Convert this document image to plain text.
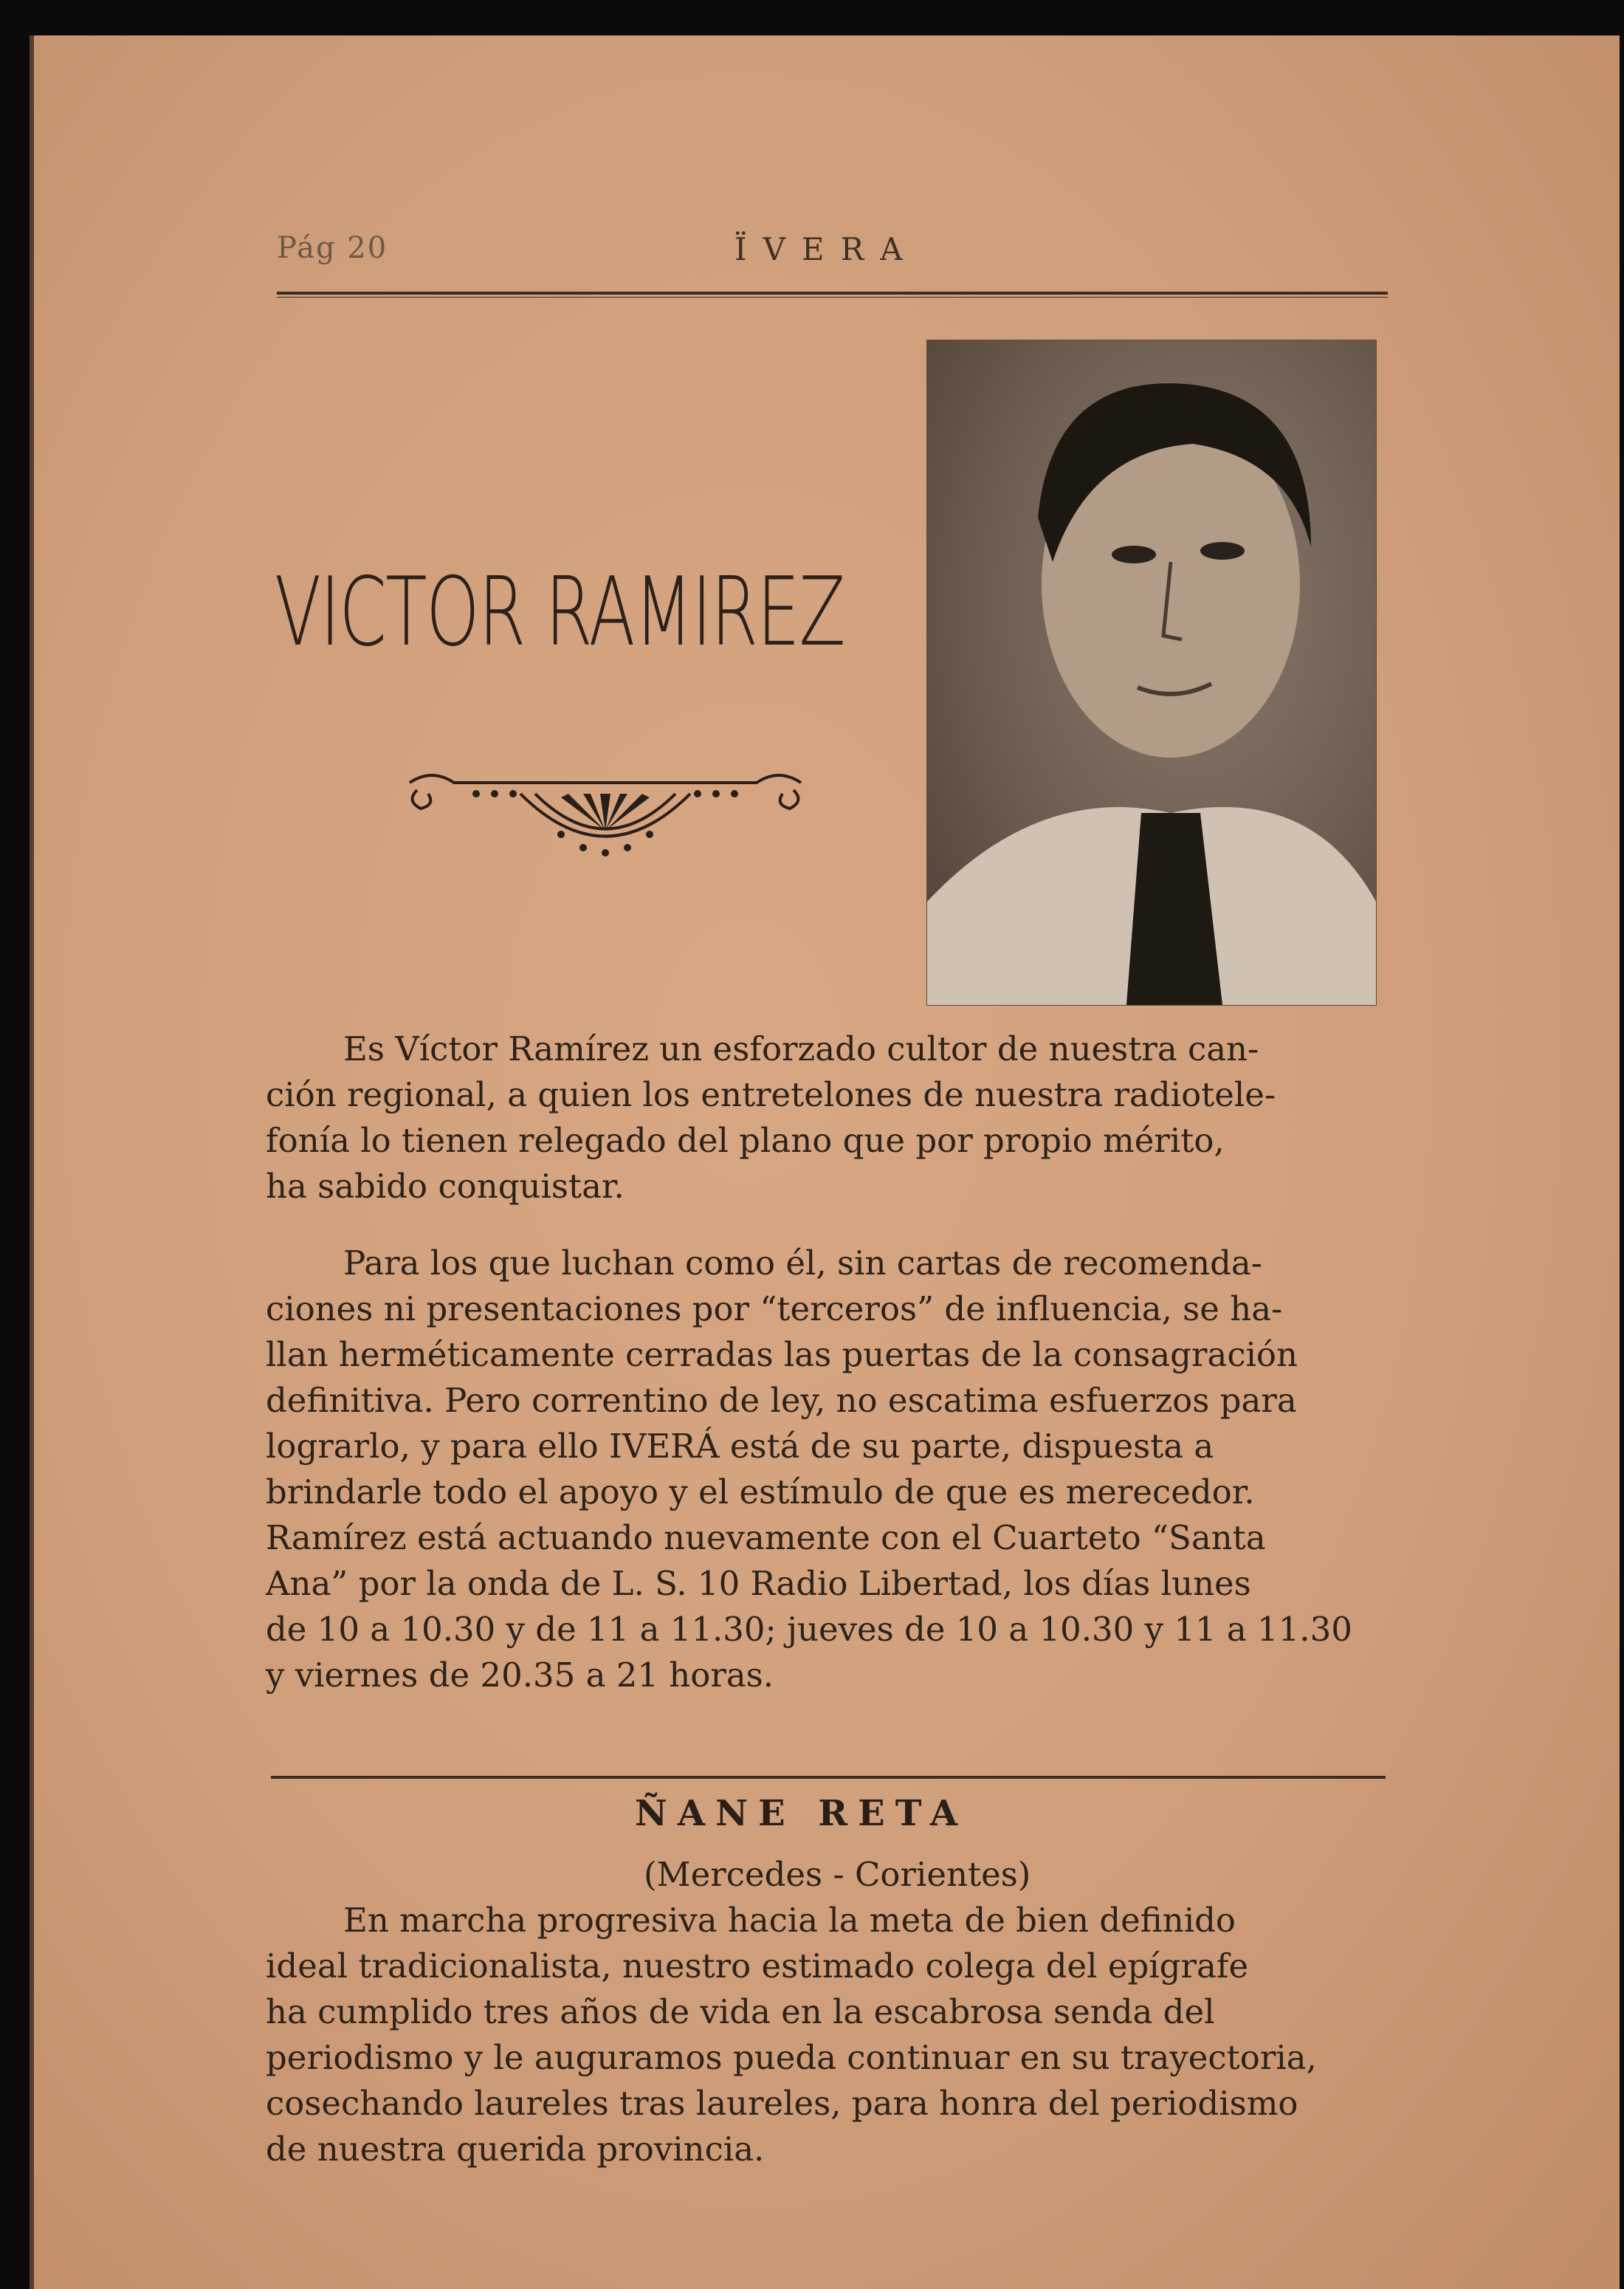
Pág 20	ÏVERA
VICTOR RAMIREZ

Es Víctor Ramírez un esforzado cultor de nuestra can-
ción regional, a quien los entretelones de nuestra radiotele-
fonía lo tienen relegado del plano que por propio mérito,
ha sabido conquistar.

Para los que luchan como él, sin cartas de recomenda-
ciones ni presentaciones por “terceros” de influencia, se ha-
llan herméticamente cerradas las puertas de la consagración
definitiva. Pero correntino de ley, no escatima esfuerzos para
lograrlo, y para ello IVERÁ está de su parte, dispuesta a
brindarle todo el apoyo y el estímulo de que es merecedor.
Ramírez está actuando nuevamente con el Cuarteto “Santa
Ana” por la onda de L. S. 10 Radio Libertad, los días lunes
de 10 a 10.30 y de 11 a 11.30; jueves de 10 a 10.30 y 11 a 11.30
y viernes de 20.35 a 21 horas.

ÑANE RETA
(Mercedes - Corientes)

En marcha progresiva hacia la meta de bien definido
ideal tradicionalista, nuestro estimado colega del epígrafe
ha cumplido tres años de vida en la escabrosa senda del
periodismo y le auguramos pueda continuar en su trayectoria,
cosechando laureles tras laureles, para honra del periodismo
de nuestra querida provincia.
